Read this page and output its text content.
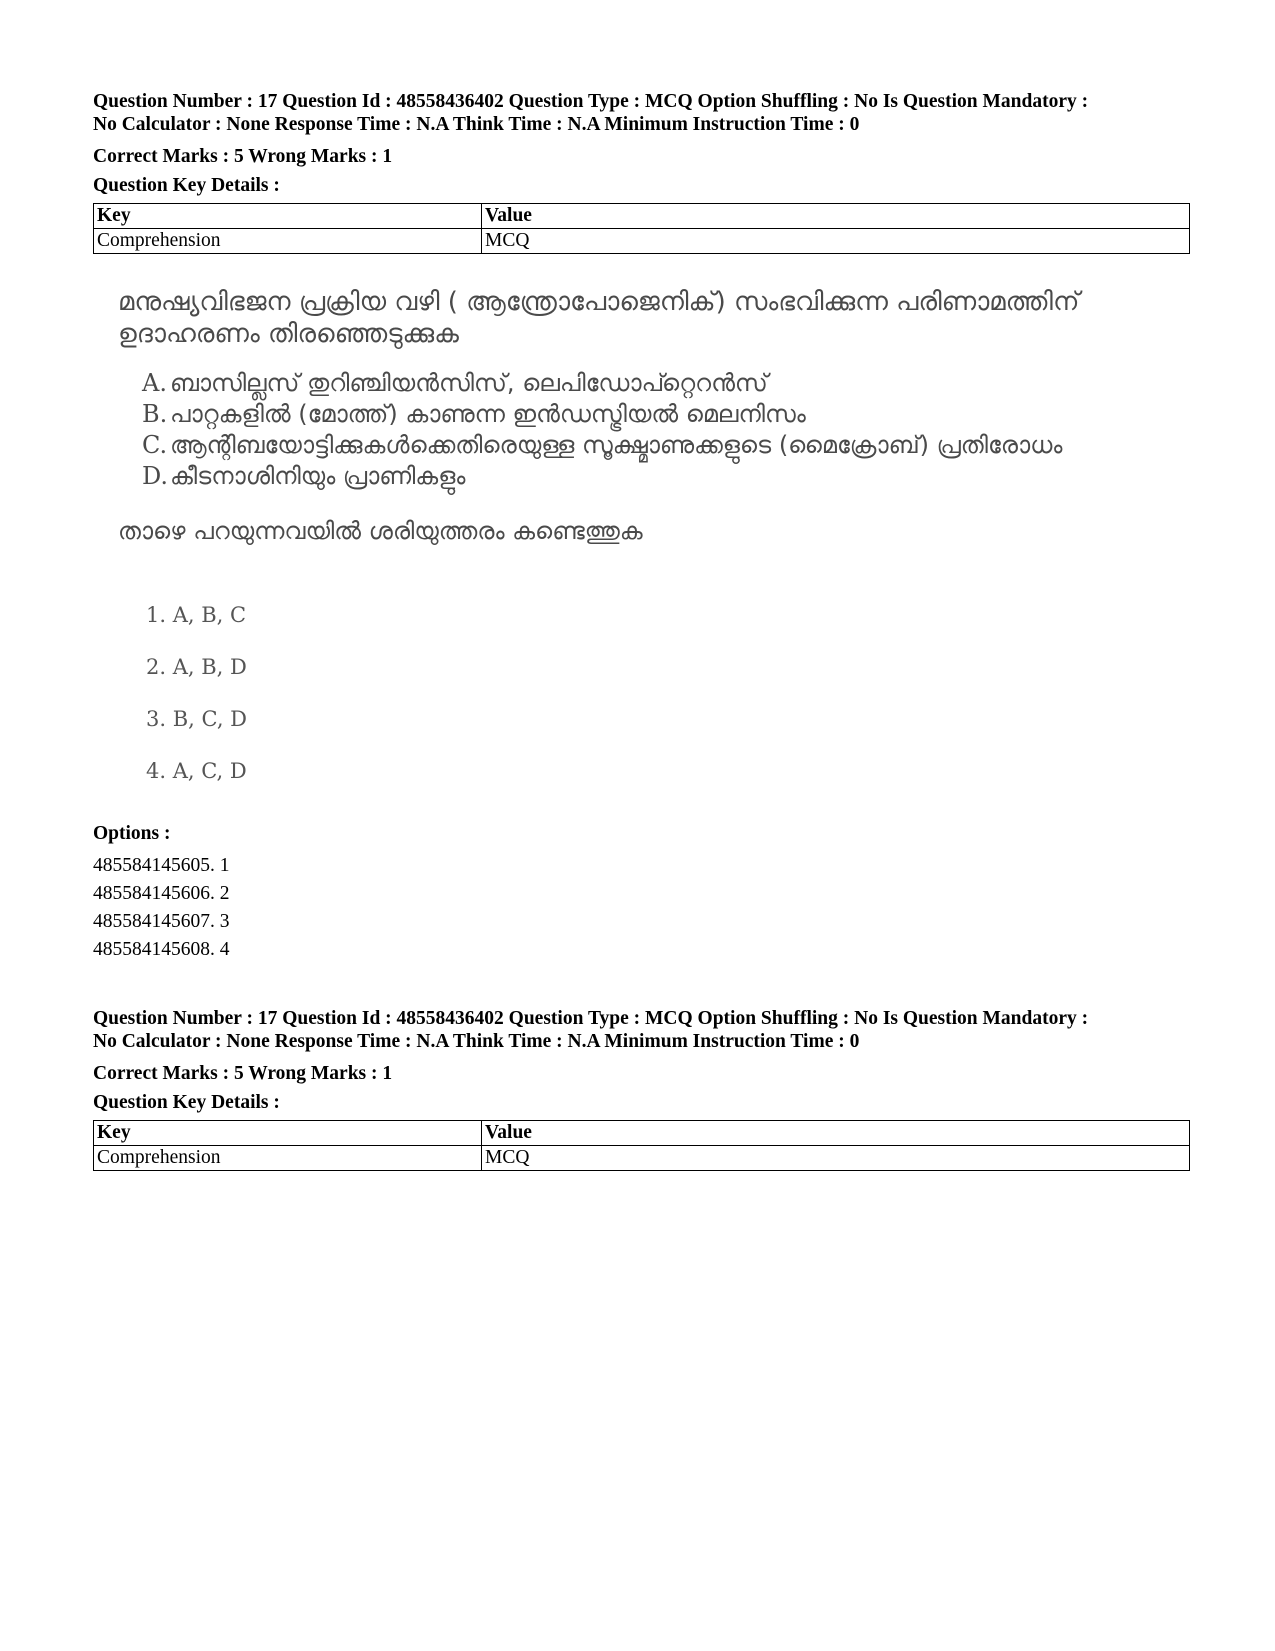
Question Number : 17 Question Id : 48558436402 Question Type : MCQ Option Shuffling : No Is Question Mandatory :

No Calculator : None Response Time : N.A Think Time : N.A Minimum Instruction Time : 0

Correct Marks : 5 Wrong Marks : 1

Question Key Details :

Key	Value
Comprehension	MCQ

മനുഷ്യവിഭജന പ്രക്രിയ വഴി ( ആന്ത്രോപോജെനിക്) സംഭവിക്കുന്ന പരിണാമത്തിന് ഉദാഹരണം തിരഞ്ഞെടുക്കുക

A. ബാസില്ലസ് തുറിഞ്ചിയൻസിസ്, ലെപിഡോപ്റ്റെറൻസ്
B. പാറ്റകളിൽ (മോത്ത്) കാണുന്ന ഇൻഡസ്ട്രിയൽ മെലനിസം
C. ആന്റിബയോട്ടിക്കുകൾക്കെതിരെയുള്ള സൂക്ഷ്മാണുക്കളുടെ (മൈക്രോബ്) പ്രതിരോധം
D. കീടനാശിനിയും പ്രാണികളും

താഴെ പറയുന്നവയിൽ ശരിയുത്തരം കണ്ടെത്തുക

1. A, B, C

2. A, B, D

3. B, C, D

4. A, C, D

Options :

485584145605. 1

485584145606. 2

485584145607. 3

485584145608. 4

Question Number : 17 Question Id : 48558436402 Question Type : MCQ Option Shuffling : No Is Question Mandatory :

No Calculator : None Response Time : N.A Think Time : N.A Minimum Instruction Time : 0

Correct Marks : 5 Wrong Marks : 1

Question Key Details :

Key	Value
Comprehension	MCQ
